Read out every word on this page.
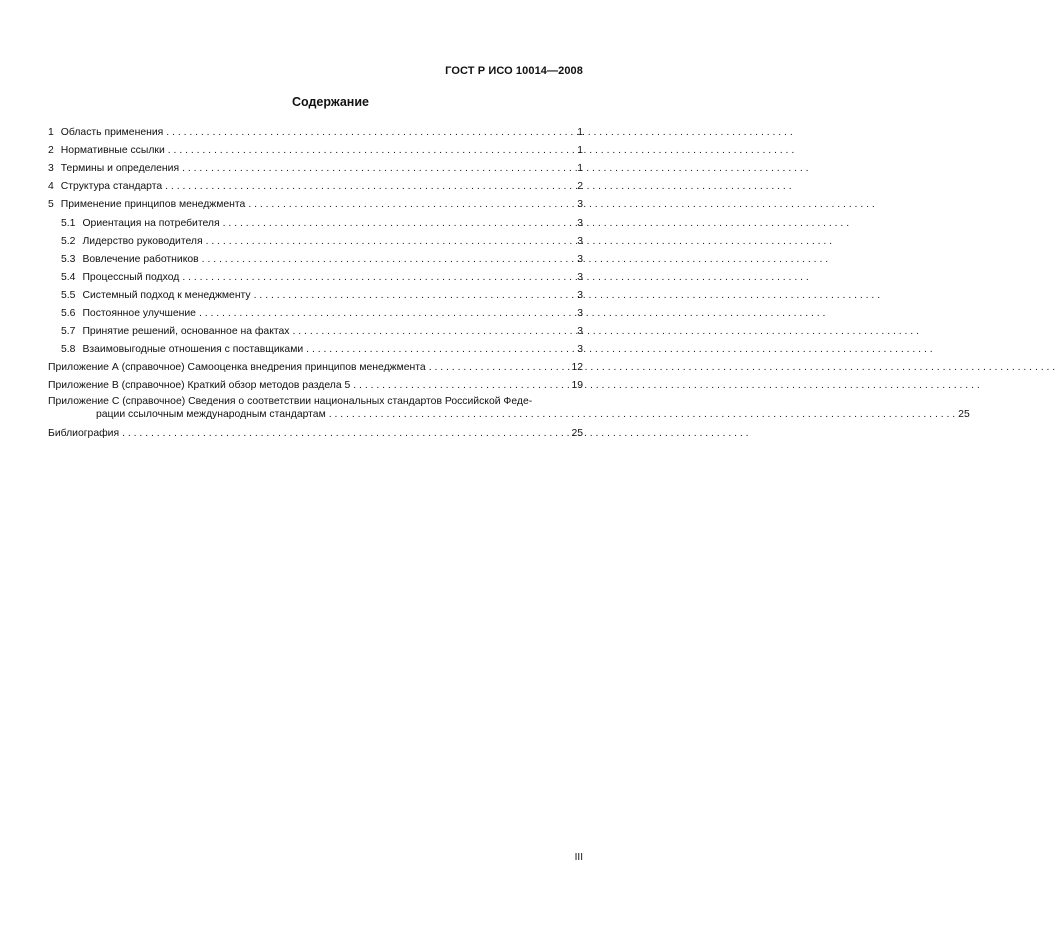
ГОСТ Р ИСО 10014—2008
Содержание
1 Область применения . . .	1
2 Нормативные ссылки . . .	1
3 Термины и определения . . .	1
4 Структура стандарта . . .	2
5 Применение принципов менеджмента . . .	3
5.1 Ориентация на потребителя . . .	3
5.2 Лидерство руководителя . . .	3
5.3 Вовлечение работников . . .	3
5.4 Процессный подход . . .	3
5.5 Системный подход к менеджменту . . .	3
5.6 Постоянное улучшение . . .	3
5.7 Принятие решений, основанное на фактах . . .	3
5.8 Взаимовыгодные отношения с поставщиками . . .	3
Приложение А (справочное) Самооценка внедрения принципов менеджмента . . .	12
Приложение В (справочное) Краткий обзор методов раздела 5 . . .	19
Приложение С (справочное) Сведения о соответствии национальных стандартов Российской Феде-
рации ссылочным международным стандартам . . .	25
Библиография . . .	25
III
